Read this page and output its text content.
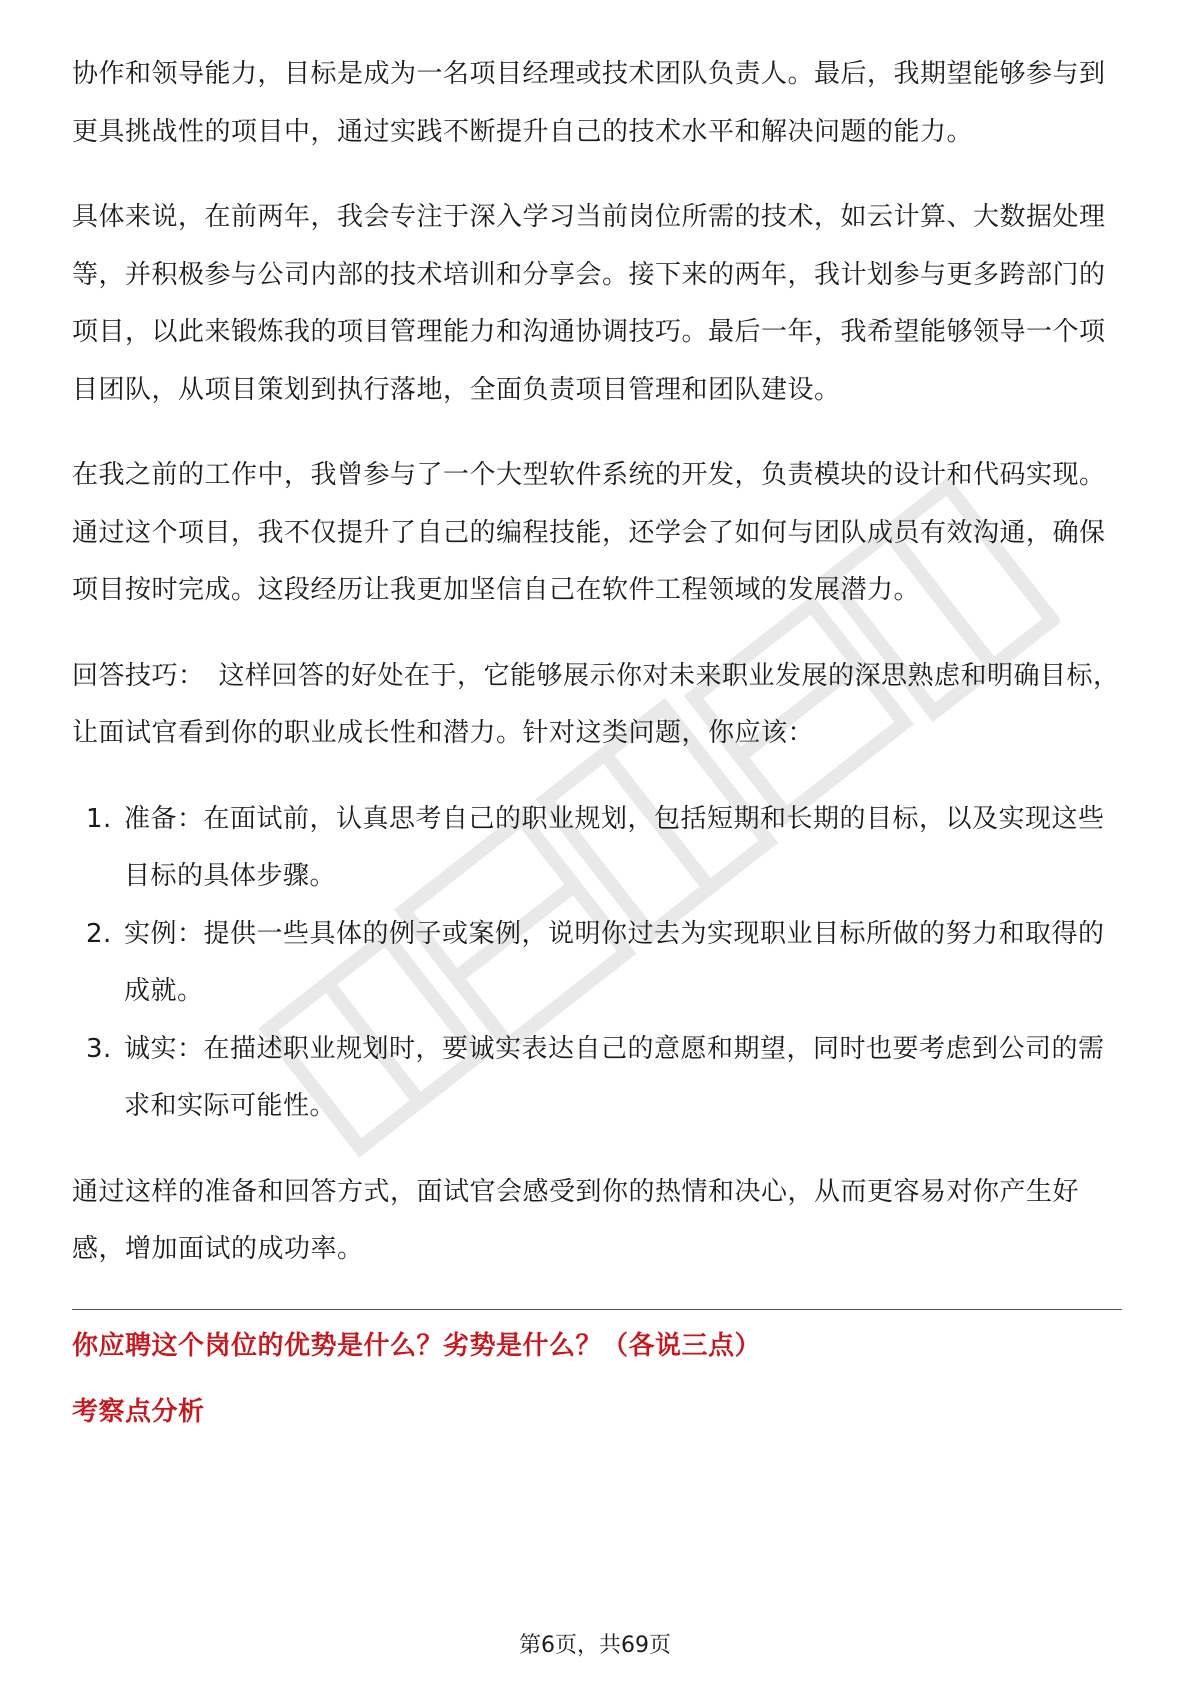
协作和领导能力，目标是成为一名项目经理或技术团队负责人。最后，我期望能够参与到更具挑战性的项目中，通过实践不断提升自己的技术水平和解决问题的能力。

具体来说，在前两年，我会专注于深入学习当前岗位所需的技术，如云计算、大数据处理等，并积极参与公司内部的技术培训和分享会。接下来的两年，我计划参与更多跨部门的项目，以此来锻炼我的项目管理能力和沟通协调技巧。最后一年，我希望能够领导一个项目团队，从项目策划到执行落地，全面负责项目管理和团队建设。

在我之前的工作中，我曾参与了一个大型软件系统的开发，负责模块的设计和代码实现。通过这个项目，我不仅提升了自己的编程技能，还学会了如何与团队成员有效沟通，确保项目按时完成。这段经历让我更加坚信自己在软件工程领域的发展潜力。

回答技巧： 这样回答的好处在于，它能够展示你对未来职业发展的深思熟虑和明确目标，让面试官看到你的职业成长性和潜力。针对这类问题，你应该：

1. 准备：在面试前，认真思考自己的职业规划，包括短期和长期的目标，以及实现这些目标的具体步骤。
2. 实例：提供一些具体的例子或案例，说明你过去为实现职业目标所做的努力和取得的成就。
3. 诚实：在描述职业规划时，要诚实表达自己的意愿和期望，同时也要考虑到公司的需求和实际可能性。

通过这样的准备和回答方式，面试官会感受到你的热情和决心，从而更容易对你产生好感，增加面试的成功率。

你应聘这个岗位的优势是什么？劣势是什么？（各说三点）
考察点分析
第6页，共69页
